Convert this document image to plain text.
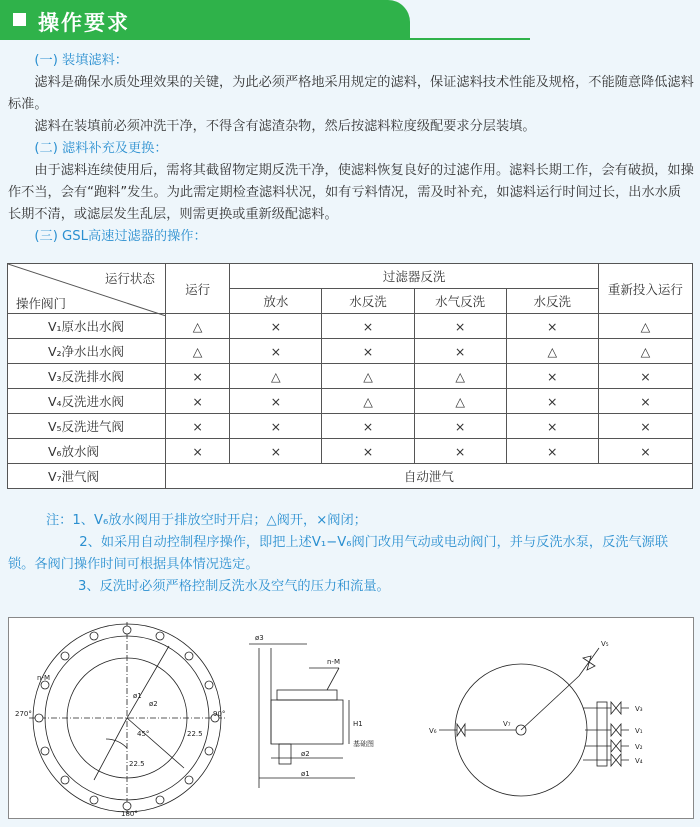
操作要求
(一) 装填滤料：
滤料是确保水质处理效果的关键，为此必须严格地采用规定的滤料，保证滤料技术性能及规格，不能随意降低滤料标准。
滤料在装填前必须冲洗干净，不得含有滤渣杂物，然后按滤料粒度级配要求分层装填。
(二) 滤料补充及更换：
由于滤料连续使用后，需将其截留物定期反洗干净，使滤料恢复良好的过滤作用。滤料长期工作，会有破损，如操作不当，会有“跑料”发生。为此需定期检查滤料状况，如有亏料情况，需及时补充，如滤料运行时间过长，出水水质长期不清，或滤层发生乱层，则需更换或重新级配滤料。
(三) GSL高速过滤器的操作：
运行状态
操作阀门	运行	过滤器反洗				重新投入运行
		放水	水反洗	水气反洗	水反洗	
V₁原水出水阀	△	×	×	×	×	△
V₂净水出水阀	△	×	×	×	△	△
V₃反洗排水阀	×	△	△	△	×	×
V₄反洗进水阀	×	×	△	△	×	×
V₅反洗进气阀	×	×	×	×	×	×
V₆放水阀	×	×	×	×	×	×
V₇泄气阀	自动泄气					
注：1、V₆放水阀用于排放空时开启；△阀开，×阀闭；
2、如采用自动控制程序操作，即把上述V₁−V₆阀门改用气动或电动阀门，并与反洗水泵，反洗气源联锁。各阀门操作时间可根据具体情况选定。
3、反洗时必须严格控制反洗水及空气的压力和流量。
n-M
ø1
ø2
270°	90°
180°
45°	22.5
22.5
ø3
n-M
H1
基础图
ø2
ø1
V₆
V₇
V₅
V₃
V₁
V₂
V₄
